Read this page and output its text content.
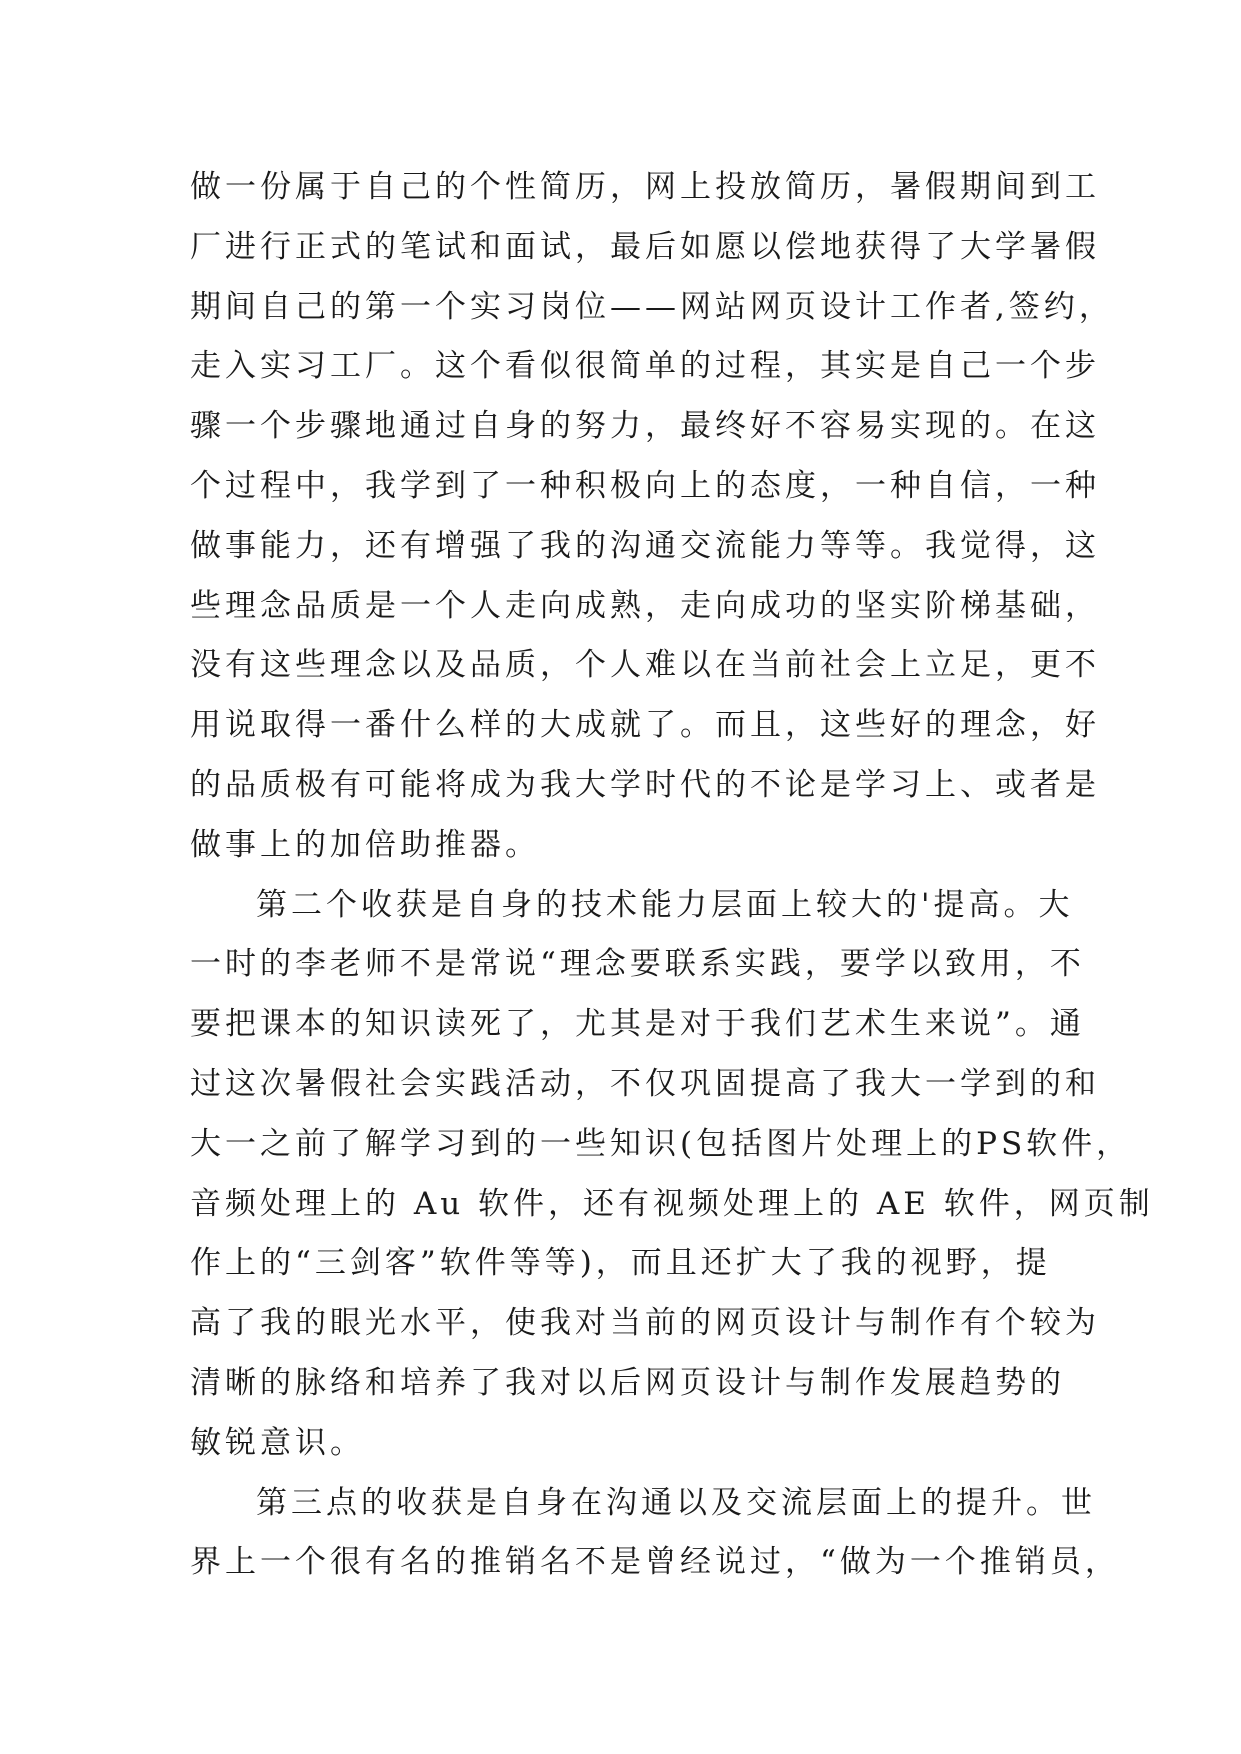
做一份属于自己的个性简历，网上投放简历，暑假期间到工
厂进行正式的笔试和面试，最后如愿以偿地获得了大学暑假
期间自己的第一个实习岗位——网站网页设计工作者,签约，
走入实习工厂。这个看似很简单的过程，其实是自己一个步
骤一个步骤地通过自身的努力，最终好不容易实现的。在这
个过程中，我学到了一种积极向上的态度，一种自信，一种
做事能力，还有增强了我的沟通交流能力等等。我觉得，这
些理念品质是一个人走向成熟，走向成功的坚实阶梯基础，
没有这些理念以及品质，个人难以在当前社会上立足，更不
用说取得一番什么样的大成就了。而且，这些好的理念，好
的品质极有可能将成为我大学时代的不论是学习上、或者是
做事上的加倍助推器。
第二个收获是自身的技术能力层面上较大的'提高。大
一时的李老师不是常说“理念要联系实践，要学以致用，不
要把课本的知识读死了，尤其是对于我们艺术生来说”。通
过这次暑假社会实践活动，不仅巩固提高了我大一学到的和
大一之前了解学习到的一些知识(包括图片处理上的PS软件，
音频处理上的 Au 软件，还有视频处理上的 AE 软件，网页制
作上的“三剑客”软件等等)，而且还扩大了我的视野，提
高了我的眼光水平，使我对当前的网页设计与制作有个较为
清晰的脉络和培养了我对以后网页设计与制作发展趋势的
敏锐意识。
第三点的收获是自身在沟通以及交流层面上的提升。世
界上一个很有名的推销名不是曾经说过，“做为一个推销员，
